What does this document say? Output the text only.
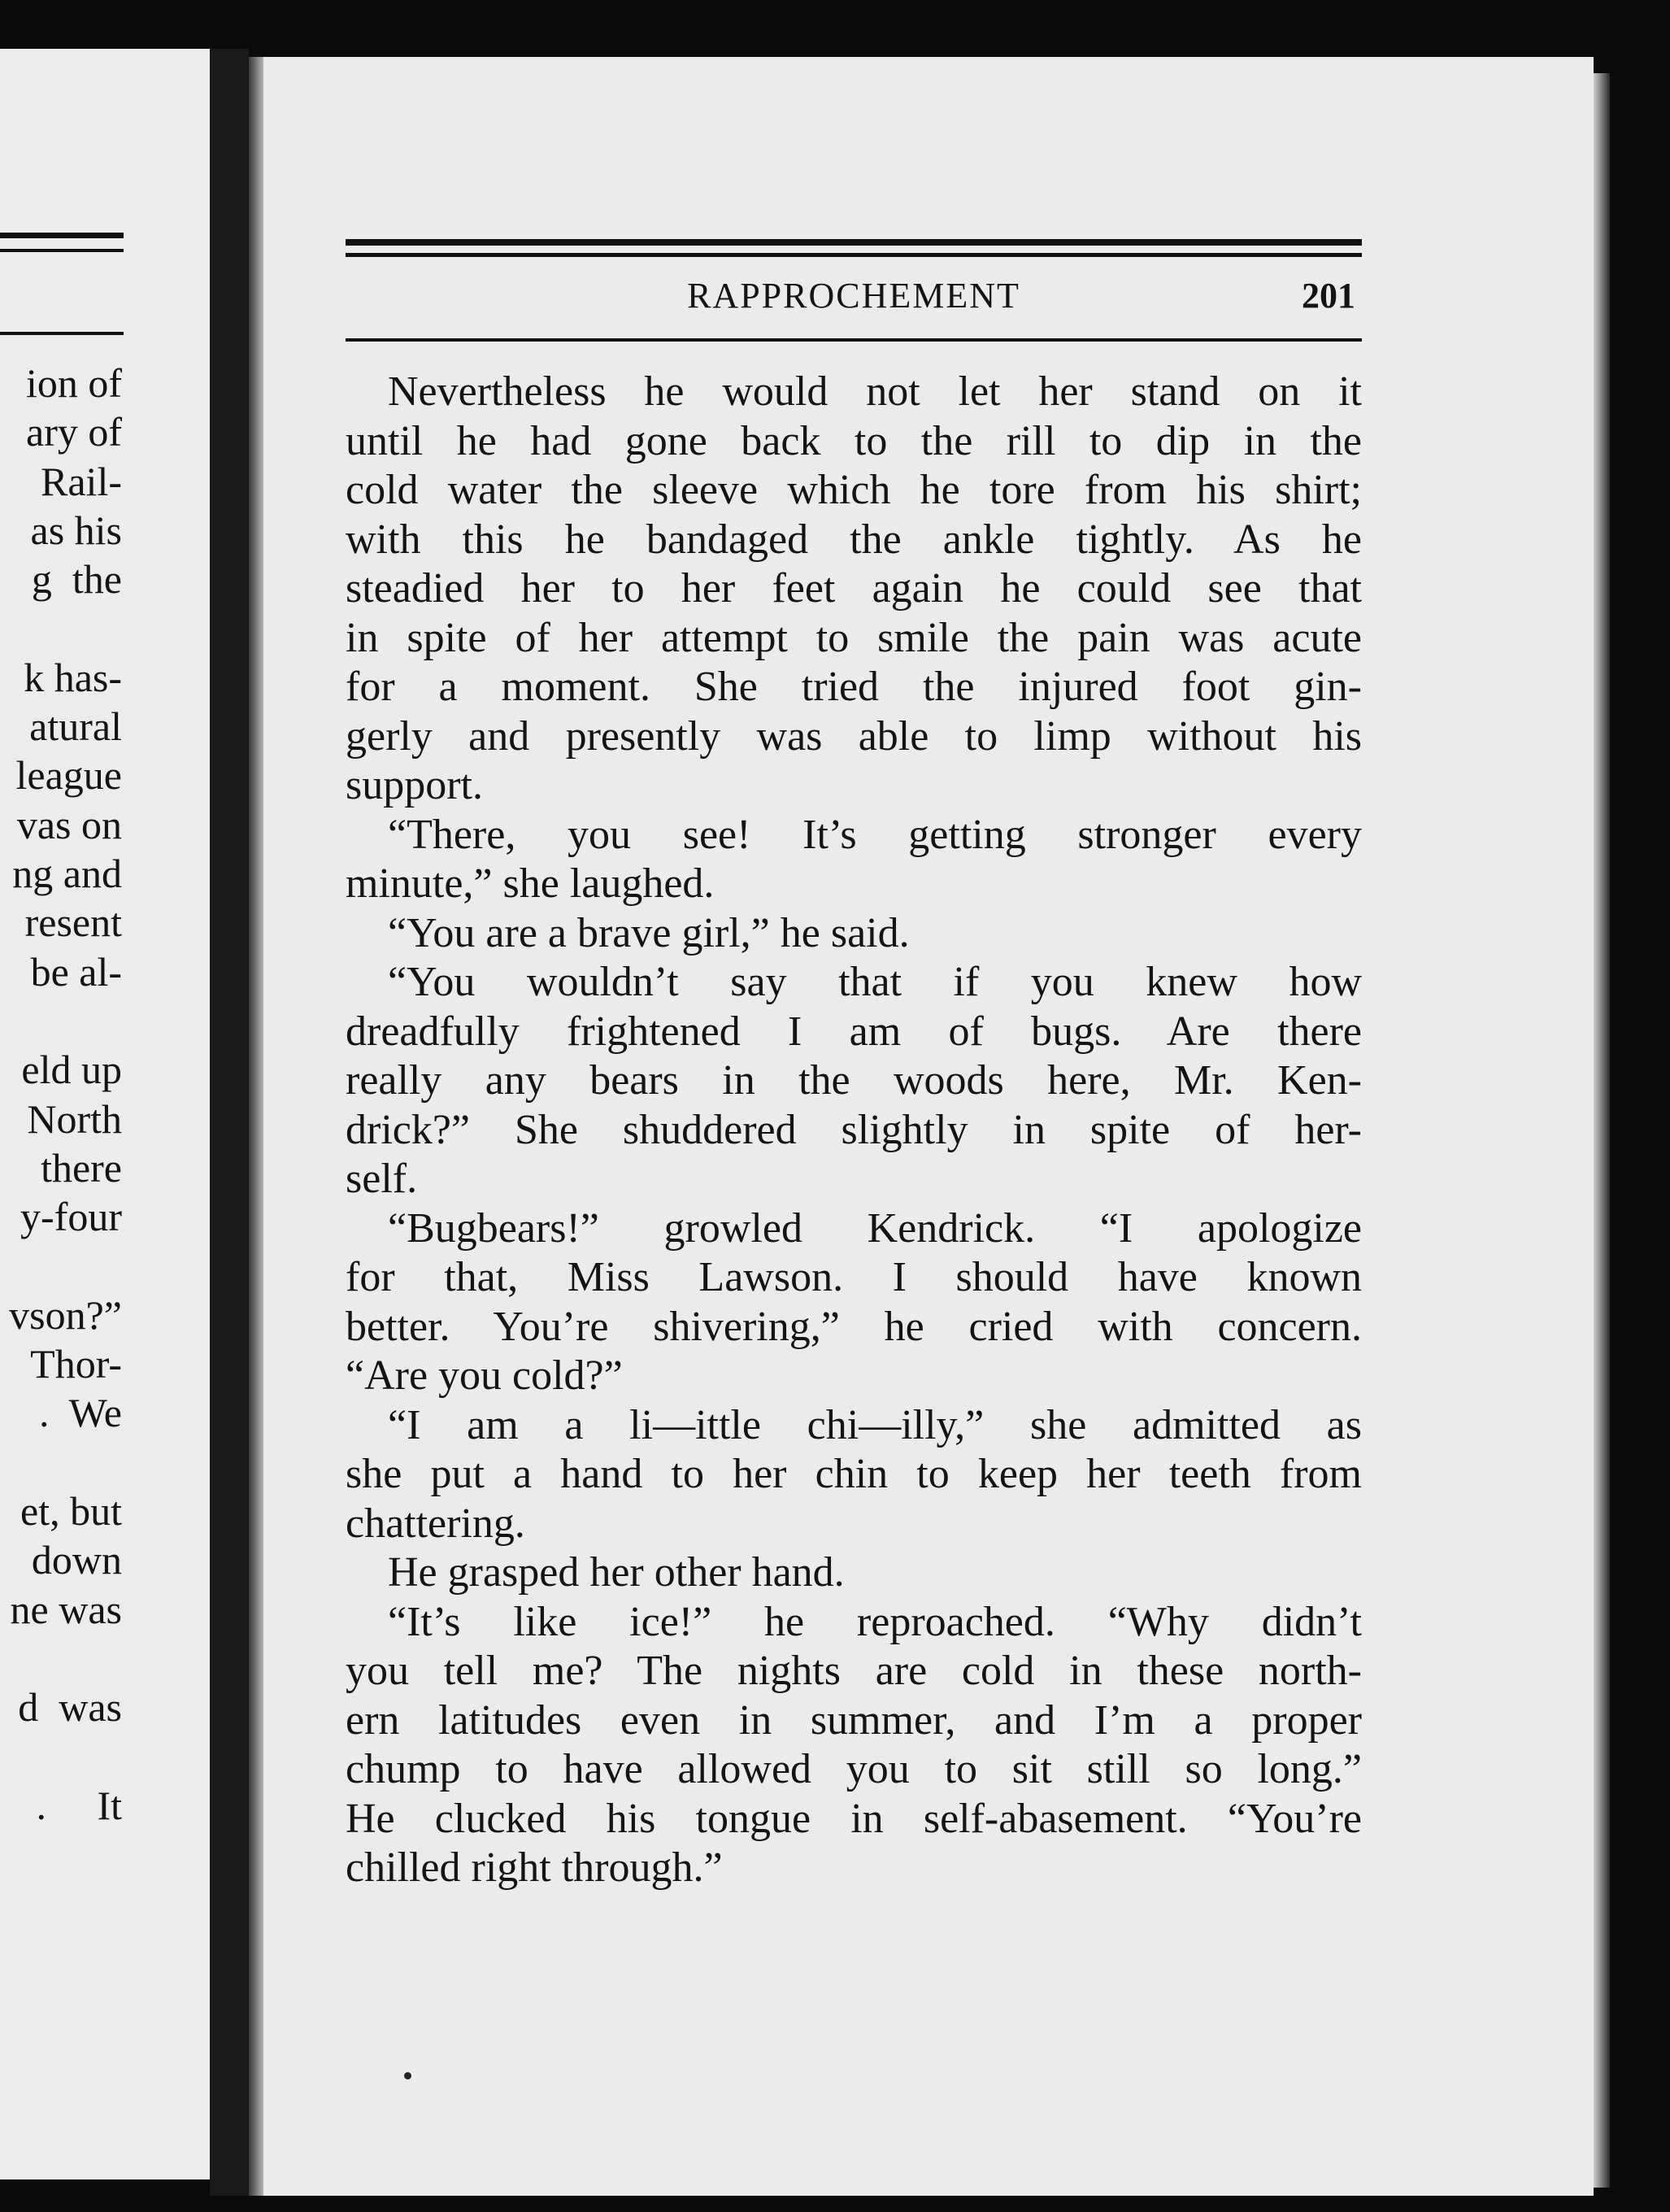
ion of
ary of
Rail-
as his
g  the
k has-
atural
league
vas on
ng and
resent
be al-
eld up
North
there
y-four
vson?”
Thor-
.  We
et, but
down
ne was
d  was
.     It
RAPPROCHEMENT	201
Nevertheless he would not let her stand on it
until he had gone back to the rill to dip in the
cold water the sleeve which he tore from his shirt;
with this he bandaged the ankle tightly. As he
steadied her to her feet again he could see that
in spite of her attempt to smile the pain was acute
for a moment. She tried the injured foot gin-
gerly and presently was able to limp without his
support.
“There, you see! It’s getting stronger every
minute,” she laughed.
“You are a brave girl,” he said.
“You wouldn’t say that if you knew how
dreadfully frightened I am of bugs. Are there
really any bears in the woods here, Mr. Ken-
drick?” She shuddered slightly in spite of her-
self.
“Bugbears!” growled Kendrick. “I apologize
for that, Miss Lawson. I should have known
better. You’re shivering,” he cried with concern.
“Are you cold?”
“I am a li—ittle chi—illy,” she admitted as
she put a hand to her chin to keep her teeth from
chattering.
He grasped her other hand.
“It’s like ice!” he reproached. “Why didn’t
you tell me? The nights are cold in these north-
ern latitudes even in summer, and I’m a proper
chump to have allowed you to sit still so long.”
He clucked his tongue in self-abasement. “You’re
chilled right through.”
